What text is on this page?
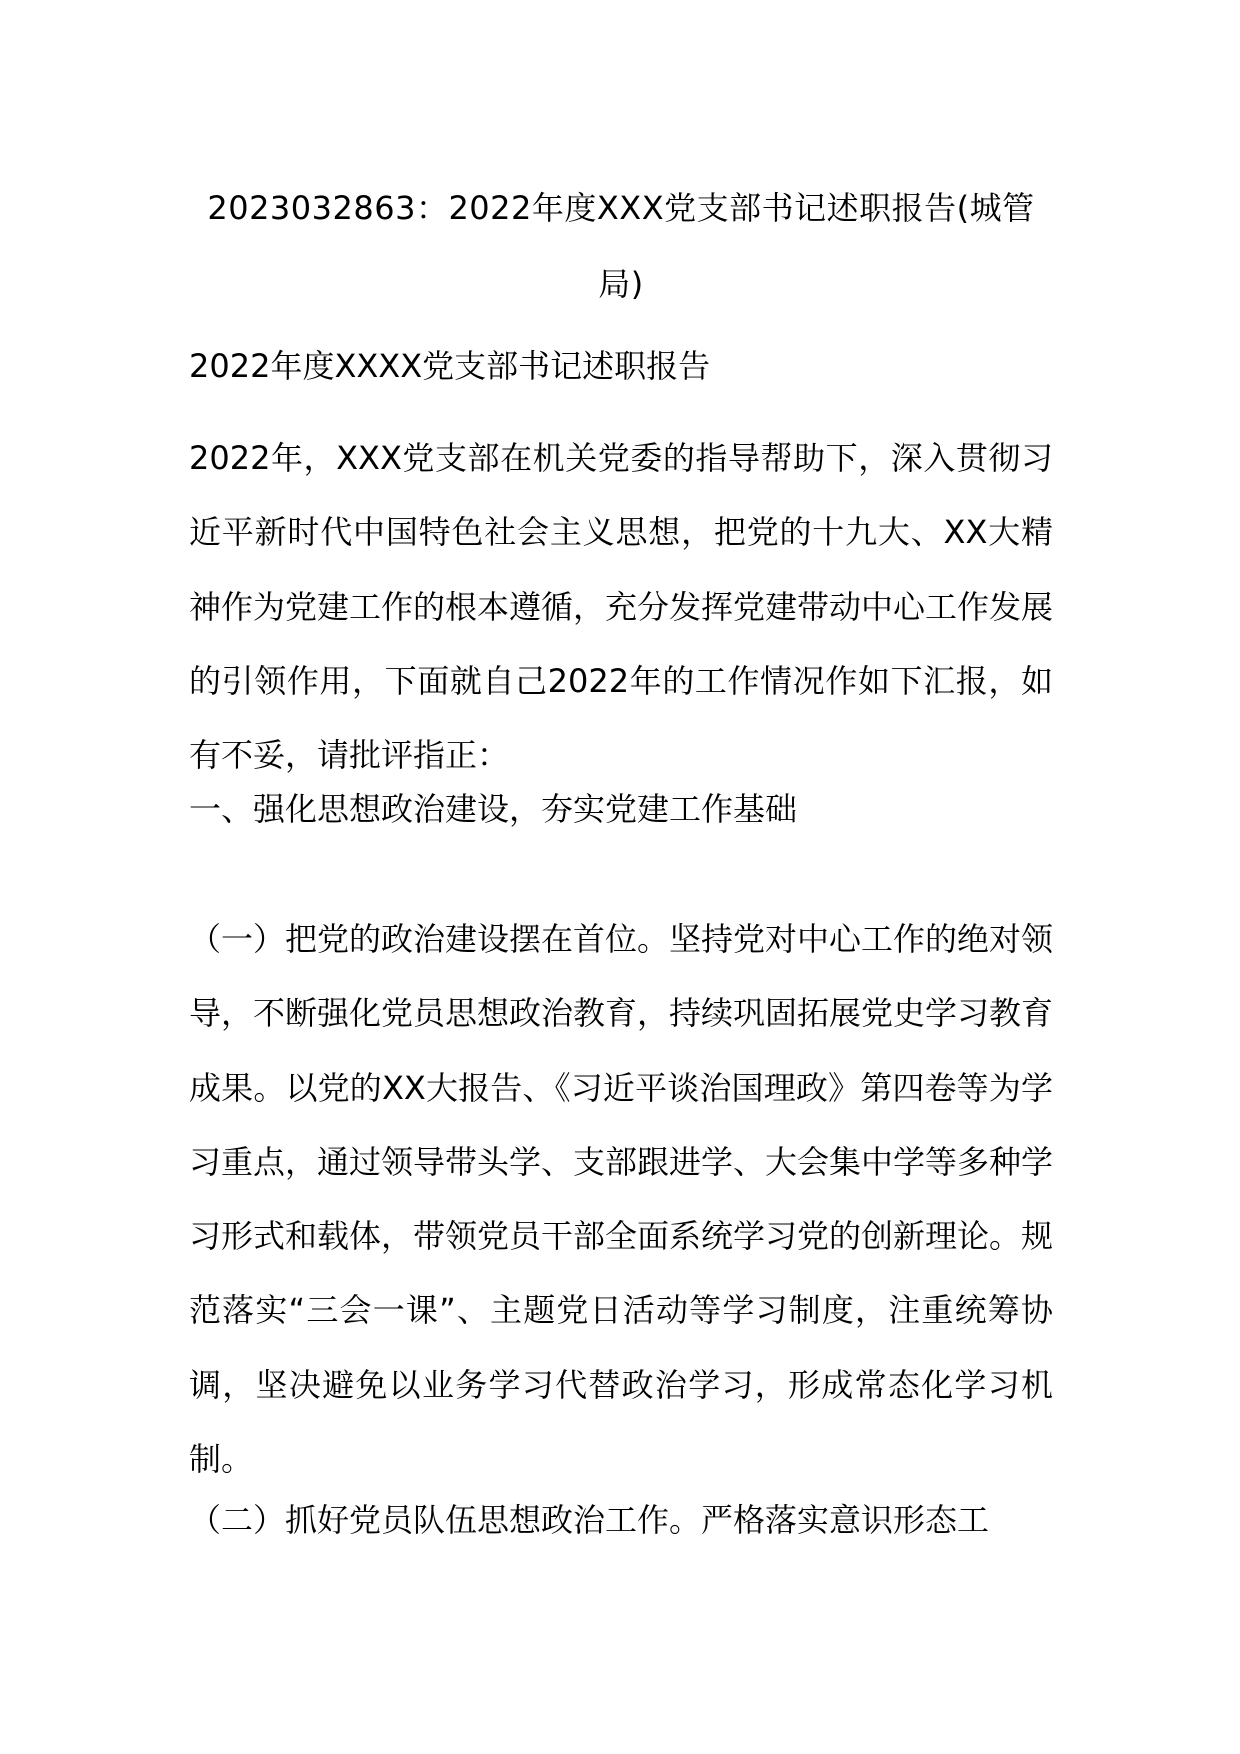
2023032863：2022年度XXX党支部书记述职报告(城管局)
2022年度XXXX党支部书记述职报告

2022年，XXX党支部在机关党委的指导帮助下，深入贯彻习近平新时代中国特色社会主义思想，把党的十九大、XX大精神作为党建工作的根本遵循，充分发挥党建带动中心工作发展的引领作用，下面就自己2022年的工作情况作如下汇报，如有不妥，请批评指正：

一、强化思想政治建设，夯实党建工作基础

（一）把党的政治建设摆在首位。坚持党对中心工作的绝对领导，不断强化党员思想政治教育，持续巩固拓展党史学习教育成果。以党的XX大报告、《习近平谈治国理政》第四卷等为学习重点，通过领导带头学、支部跟进学、大会集中学等多种学习形式和载体，带领党员干部全面系统学习党的创新理论。规范落实“三会一课”、主题党日活动等学习制度，注重统筹协调，坚决避免以业务学习代替政治学习，形成常态化学习机制。

（二）抓好党员队伍思想政治工作。严格落实意识形态工
